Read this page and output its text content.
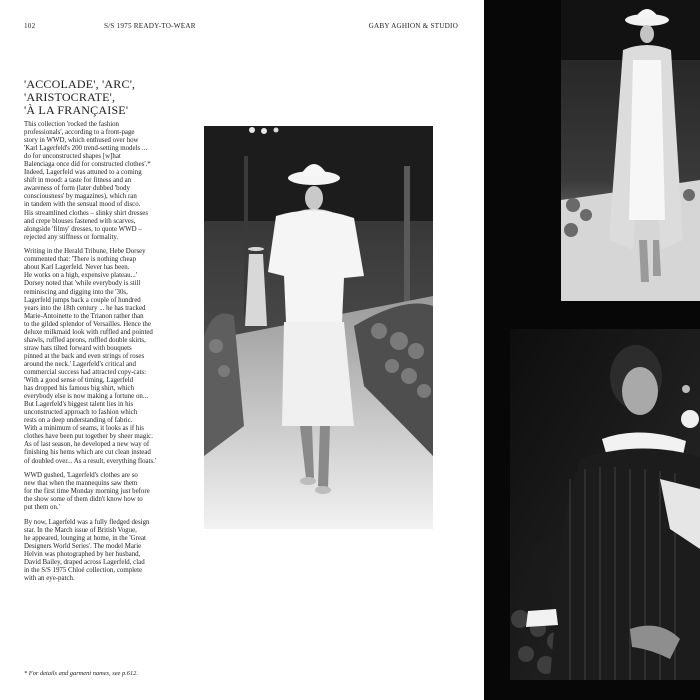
102	S/S 1975 READY-TO-WEAR	GABY AGHION & STUDIO
'ACCOLADE', 'ARC',
'ARISTOCRATE',
'À LA FRANÇAISE'

This collection 'rocked the fashion
professionals', according to a front-page
story in WWD, which enthused over how
'Karl Lagerfeld's 200 trend-setting models ...
do for unconstructed shapes [w]hat
Balenciaga once did for constructed clothes'.*
Indeed, Lagerfeld was attuned to a coming
shift in mood: a taste for fitness and an
awareness of form (later dubbed 'body
consciousness' by magazines), which ran
in tandem with the sensual mood of disco.
His streamlined clothes – slinky shirt dresses
and crepe blouses fastened with scarves,
alongside 'filmy' dresses, to quote WWD –
rejected any stiffness or formality.

Writing in the Herald Tribune, Hebe Dorsey
commented that: 'There is nothing cheap
about Karl Lagerfeld. Never has been.
He works on a high, expensive plateau...'
Dorsey noted that 'while everybody is still
reminiscing and digging into the '30s,
Lagerfeld jumps back a couple of hundred
years into the 18th century ... he has tracked
Marie-Antoinette to the Trianon rather than
to the gilded splendor of Versailles. Hence the
deluxe milkmaid look with ruffled and pointed
shawls, ruffled aprons, ruffled double skirts,
straw hats tilted forward with bouquets
pinned at the back and even strings of roses
around the neck.' Lagerfeld's critical and
commercial success had attracted copy-cats:
'With a good sense of timing, Lagerfeld
has dropped his famous big shirt, which
everybody else is now making a fortune on...
But Lagerfeld's biggest talent lies in his
unconstructed approach to fashion which
rests on a deep understanding of fabric.
With a minimum of seams, it looks as if his
clothes have been put together by sheer magic.
As of last season, he developed a new way of
finishing his hems which are cut clean instead
of doubled over... As a result, everything floats.'

WWD gushed, 'Lagerfeld's clothes are so
new that when the mannequins saw them
for the first time Monday morning just before
the show some of them didn't know how to
put them on.'

By now, Lagerfeld was a fully fledged design
star. In the March issue of British Vogue,
he appeared, lounging at home, in the 'Great
Designers World Series'. The model Marie
Helvin was photographed by her husband,
David Bailey, draped across Lagerfeld, clad
in the S/S 1975 Chloé collection, complete
with an eye-patch.

* For details and garment names, see p.612.
